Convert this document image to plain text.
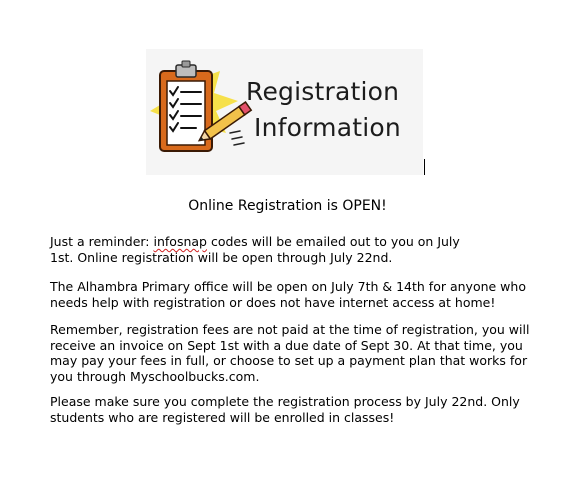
Registration
Information

Online Registration is OPEN!

Just a reminder: infosnap codes will be emailed out to you on July
1st. Online registration will be open through July 22nd.

The Alhambra Primary office will be open on July 7th & 14th for anyone who
needs help with registration or does not have internet access at home!

Remember, registration fees are not paid at the time of registration, you will
receive an invoice on Sept 1st with a due date of Sept 30. At that time, you
may pay your fees in full, or choose to set up a payment plan that works for
you through Myschoolbucks.com.

Please make sure you complete the registration process by July 22nd. Only
students who are registered will be enrolled in classes!
